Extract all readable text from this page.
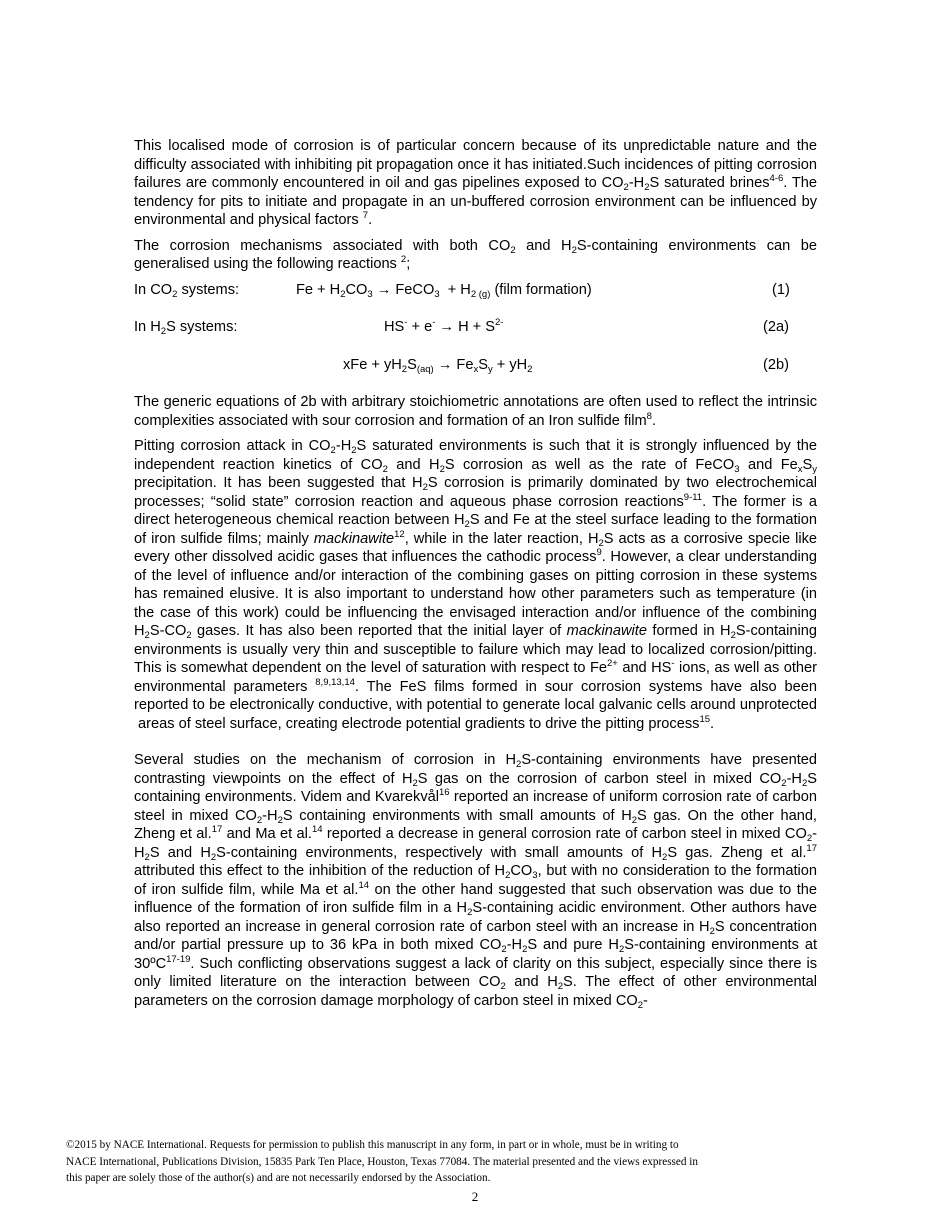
This localised mode of corrosion is of particular concern because of its unpredictable nature and the difficulty associated with inhibiting pit propagation once it has initiated.Such incidences of pitting corrosion failures are commonly encountered in oil and gas pipelines exposed to $CO_2-H_2S$ saturated brines$^{4-6}$. The tendency for pits to initiate and propagate in an un-buffered corrosion environment can be influenced by environmental and physical factors $^7$.

The corrosion mechanisms associated with both $CO_2$ and $H_2S$-containing environments can be generalised using the following reactions $^2$;

In $CO_2$ systems:	$Fe + H_2CO_3$ → FeCO$_3$  + $H_{2 (g)}$ (film formation)	(1)
In $H_2S$ systems:	$HS^- + e^- \to H + S^{2-}$	(2a)
xFe + $yH_2S_{(aq)} \to Fe_xS_y + yH_2$	(2b)

The generic equations of 2b with arbitrary stoichiometric annotations are often used to reflect the intrinsic complexities associated with sour corrosion and formation of an Iron sulfide film$^8$.

Pitting corrosion attack in $CO_2-H_2S$ saturated environments is such that it is strongly influenced by the independent reaction kinetics of $CO_2$ and $H_2S$ corrosion as well as the rate of FeCO$_3$ and $Fe_xS_y$ precipitation. It has been suggested that $H_2S$ corrosion is primarily dominated by two electrochemical processes; “solid state” corrosion reaction and aqueous phase corrosion reactions$^{9-11}$. The former is a direct heterogeneous chemical reaction between $H_2S$ and Fe at the steel surface leading to the formation of iron sulfide films; mainly mackinawite$^{12}$, while in the later reaction, $H_2S$ acts as a corrosive specie like every other dissolved acidic gases that influences the cathodic process$^9$. However, a clear understanding of the level of influence and/or interaction of the combining gases on pitting corrosion in these systems has remained elusive. It is also important to understand how other parameters such as temperature (in the case of this work) could be influencing the envisaged interaction and/or influence of the combining $H_2S-CO_2$ gases. It has also been reported that the initial layer of mackinawite formed in $H_2S$-containing environments is usually very thin and susceptible to failure which may lead to localized corrosion/pitting. This is somewhat dependent on the level of saturation with respect to $Fe^{2+}$ and HS- ions, as well as other environmental parameters $^{8,9,13,14}$. The FeS films formed in sour corrosion systems have also been reported to be electronically conductive, with potential to generate local galvanic cells around unprotected  areas of steel surface, creating electrode potential gradients to drive the pitting process$^{15}$.

Several studies on the mechanism of corrosion in $H_2S$-containing environments have presented contrasting viewpoints on the effect of $H_2S$ gas on the corrosion of carbon steel in mixed $CO_2-H_2S$ containing environments. Videm and Kvarekvål$^{16}$ reported an increase of uniform corrosion rate of carbon steel in mixed $CO_2-H_2S$ containing environments with small amounts of $H_2S$ gas. On the other hand, Zheng et al.$^{17}$ and Ma et al.$^{14}$ reported a decrease in general corrosion rate of carbon steel in mixed $CO_2-H_2S$ and $H_2S$-containing environments, respectively with small amounts of $H_2S$ gas. Zheng et al.$^{17}$ attributed this effect to the inhibition of the reduction of $H_2CO_3$, but with no consideration to the formation of iron sulfide film, while Ma et al.$^{14}$ on the other hand suggested that such observation was due to the influence of the formation of iron sulfide film in a $H_2S$-containing acidic environment. Other authors have also reported an increase in general corrosion rate of carbon steel with an increase in $H_2S$ concentration and/or partial pressure up to 36 kPa in both mixed $CO_2-H_2S$ and pure $H_2S$-containing environments at 30ºC$^{17-19}$. Such conflicting observations suggest a lack of clarity on this subject, especially since there is only limited literature on the interaction between $CO_2$ and $H_2S$. The effect of other environmental parameters on the corrosion damage morphology of carbon steel in mixed $CO_2-$

©2015 by NACE International. Requests for permission to publish this manuscript in any form, in part or in whole, must be in writing to
NACE International, Publications Division, 15835 Park Ten Place, Houston, Texas 77084. The material presented and the views expressed in
this paper are solely those of the author(s) and are not necessarily endorsed by the Association.
2
